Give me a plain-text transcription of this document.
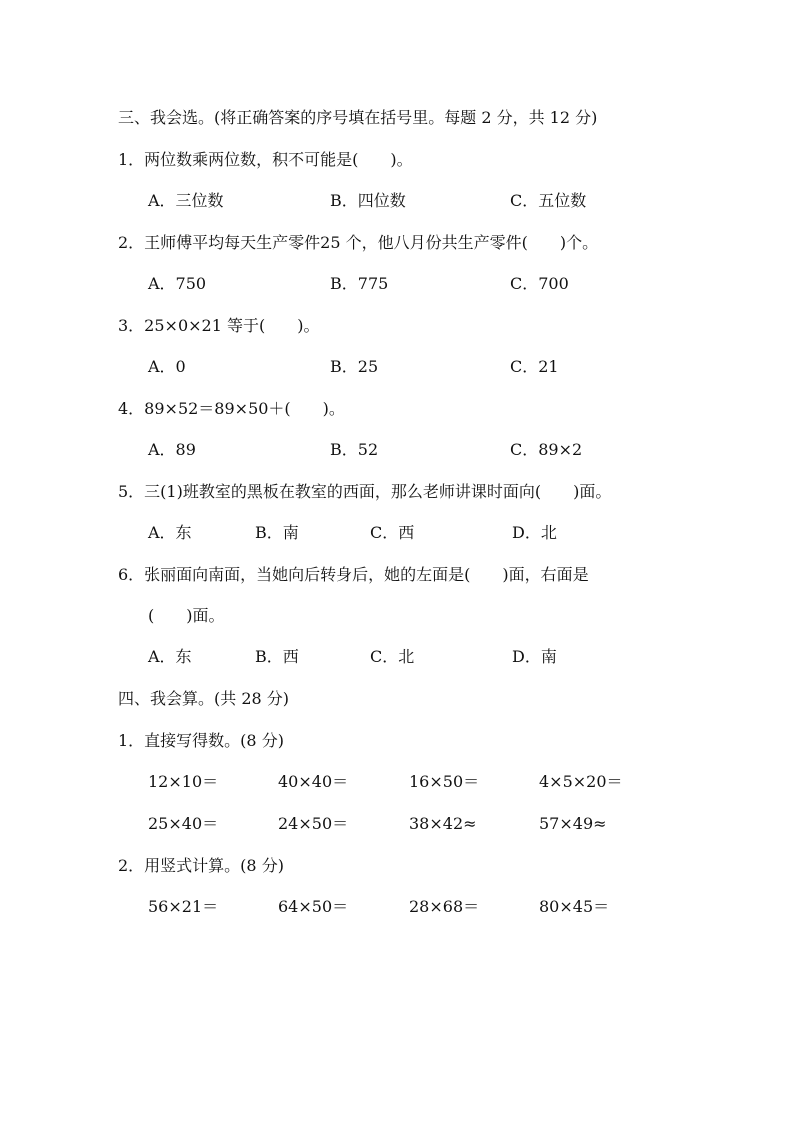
三、我会选。(将正确答案的序号填在括号里。每题 2 分，共 12 分)
1．两位数乘两位数，积不可能是(　　)。
A．三位数	B．四位数	C．五位数
2．王师傅平均每天生产零件25 个，他八月份共生产零件(　　)个。
A．750	B．775	C．700
3．25×0×21 等于(　　)。
A．0	B．25	C．21
4．89×52＝89×50＋(　　)。
A．89	B．52	C．89×2
5．三(1)班教室的黑板在教室的西面，那么老师讲课时面向(　　)面。
A．东	B．南	C．西	D．北
6．张丽面向南面，当她向后转身后，她的左面是(　　)面，右面是
(　　)面。
A．东	B．西	C．北	D．南
四、我会算。(共 28 分)
1．直接写得数。(8 分)
12×10＝	40×40＝	16×50＝	4×5×20＝
25×40＝	24×50＝	38×42≈	57×49≈
2．用竖式计算。(8 分)
56×21＝	64×50＝	28×68＝	80×45＝
